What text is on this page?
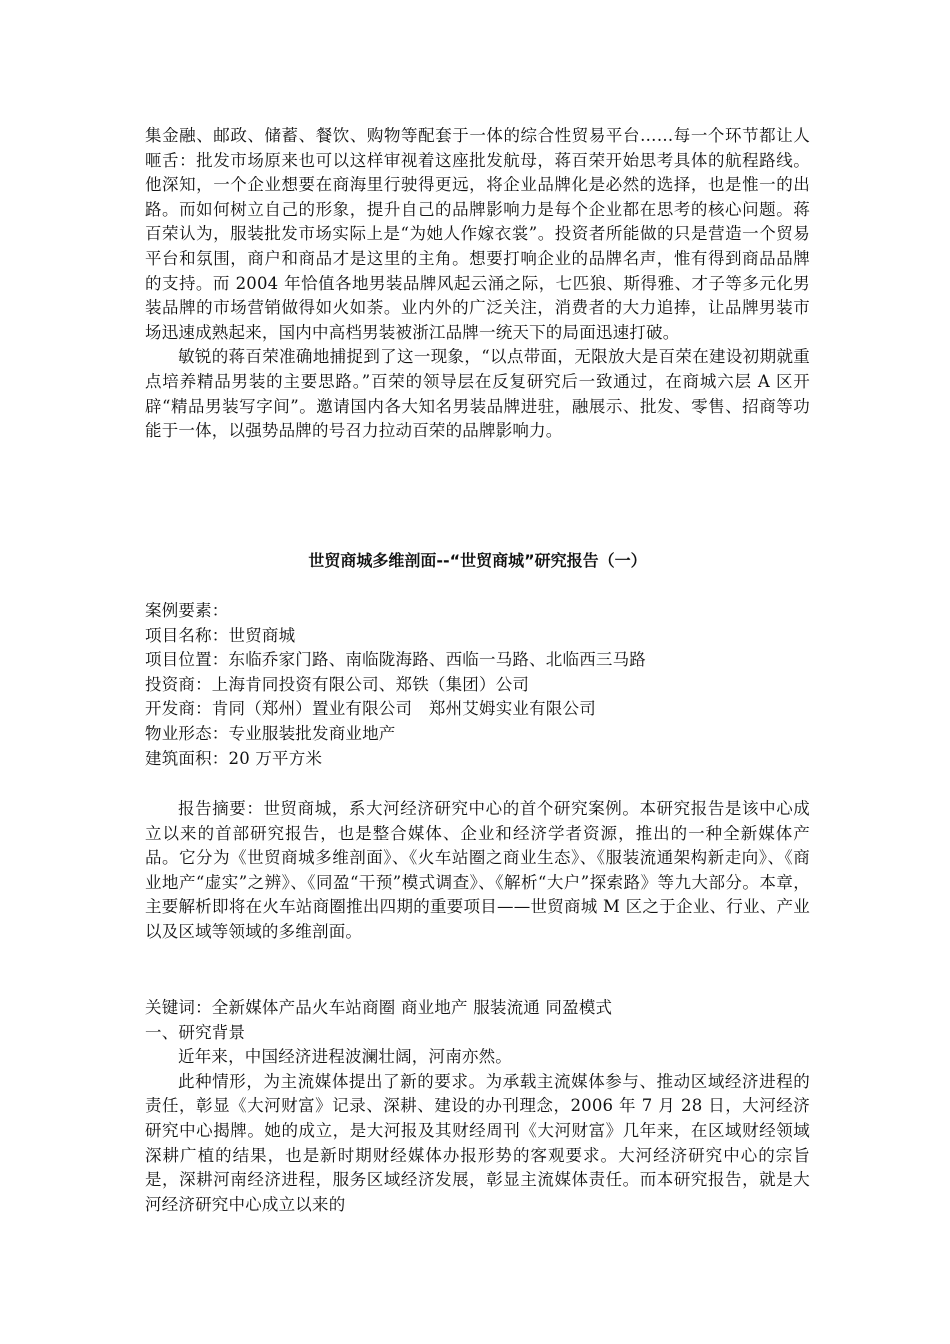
集金融、邮政、储蓄、餐饮、购物等配套于一体的综合性贸易平台……每一个环节都让人咂舌：批发市场原来也可以这样审视着这座批发航母，蒋百荣开始思考具体的航程路线。他深知，一个企业想要在商海里行驶得更远，将企业品牌化是必然的选择，也是惟一的出路。而如何树立自己的形象，提升自己的品牌影响力是每个企业都在思考的核心问题。蒋百荣认为，服装批发市场实际上是“为她人作嫁衣裳”。投资者所能做的只是营造一个贸易平台和氛围，商户和商品才是这里的主角。想要打响企业的品牌名声，惟有得到商品品牌的支持。而 2004 年恰值各地男装品牌风起云涌之际，七匹狼、斯得雅、才子等多元化男装品牌的市场营销做得如火如荼。业内外的广泛关注，消费者的大力追捧，让品牌男装市场迅速成熟起来，国内中高档男装被浙江品牌一统天下的局面迅速打破。

敏锐的蒋百荣准确地捕捉到了这一现象，“以点带面，无限放大是百荣在建设初期就重点培养精品男装的主要思路。”百荣的领导层在反复研究后一致通过，在商城六层 A 区开辟“精品男装写字间”。邀请国内各大知名男装品牌进驻，融展示、批发、零售、招商等功能于一体，以强势品牌的号召力拉动百荣的品牌影响力。

世贸商城多维剖面--“世贸商城”研究报告（一）

案例要素：

项目名称：世贸商城

项目位置：东临乔家门路、南临陇海路、西临一马路、北临西三马路

投资商：上海肯同投资有限公司、郑铁（集团）公司

开发商：肯同（郑州）置业有限公司　郑州艾姆实业有限公司

物业形态：专业服装批发商业地产

建筑面积：20 万平方米

报告摘要：世贸商城，系大河经济研究中心的首个研究案例。本研究报告是该中心成立以来的首部研究报告，也是整合媒体、企业和经济学者资源，推出的一种全新媒体产品。它分为《世贸商城多维剖面》、《火车站圈之商业生态》、《服装流通架构新走向》、《商业地产“虚实”之辨》、《同盈“干预”模式调查》、《解析“大户”探索路》等九大部分。本章，主要解析即将在火车站商圈推出四期的重要项目——世贸商城 M 区之于企业、行业、产业以及区域等领域的多维剖面。

关键词：全新媒体产品火车站商圈 商业地产 服装流通 同盈模式

一、研究背景

近年来，中国经济进程波澜壮阔，河南亦然。

此种情形，为主流媒体提出了新的要求。为承载主流媒体参与、推动区域经济进程的责任，彰显《大河财富》记录、深耕、建设的办刊理念，2006 年 7 月 28 日，大河经济研究中心揭牌。她的成立，是大河报及其财经周刊《大河财富》几年来，在区域财经领域深耕广植的结果，也是新时期财经媒体办报形势的客观要求。大河经济研究中心的宗旨是，深耕河南经济进程，服务区域经济发展，彰显主流媒体责任。而本研究报告，就是大河经济研究中心成立以来的
